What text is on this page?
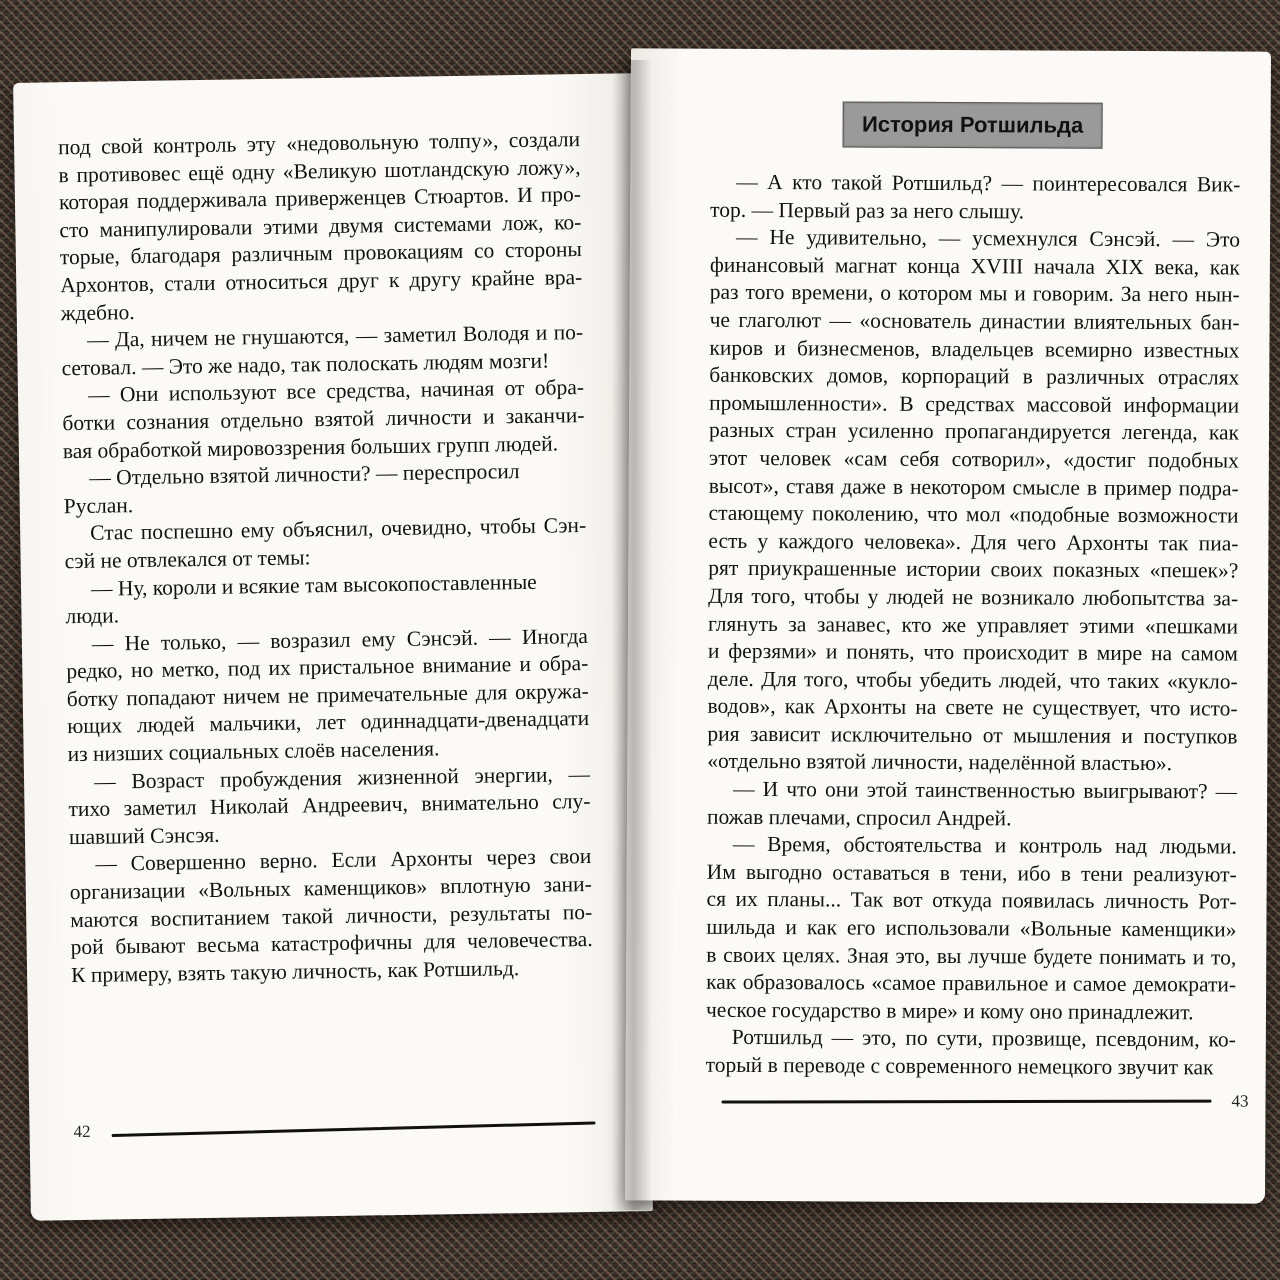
под свой контроль эту «недовольную толпу», создали
в противовес ещё одну «Великую шотландскую ложу»,
которая поддерживала приверженцев Стюартов. И про-
сто манипулировали этими двумя системами лож, ко-
торые, благодаря различным провокациям со стороны
Архонтов, стали относиться друг к другу крайне вра-
ждебно.
— Да, ничем не гнушаются, — заметил Володя и по-
сетовал. — Это же надо, так полоскать людям мозги!
— Они используют все средства, начиная от обра-
ботки сознания отдельно взятой личности и заканчи-
вая обработкой мировоззрения больших групп людей.
— Отдельно взятой личности? — переспросил
Руслан.
Стас поспешно ему объяснил, очевидно, чтобы Сэн-
сэй не отвлекался от темы:
— Ну, короли и всякие там высокопоставленные
люди.
— Не только, — возразил ему Сэнсэй. — Иногда
редко, но метко, под их пристальное внимание и обра-
ботку попадают ничем не примечательные для окружа-
ющих людей мальчики, лет одиннадцати-двенадцати
из низших социальных слоёв населения.
— Возраст пробуждения жизненной энергии, —
тихо заметил Николай Андреевич, внимательно слу-
шавший Сэнсэя.
— Совершенно верно. Если Архонты через свои
организации «Вольных каменщиков» вплотную зани-
маются воспитанием такой личности, результаты по-
рой бывают весьма катастрофичны для человечества.
К примеру, взять такую личность, как Ротшильд.
42
История Ротшильда
— А кто такой Ротшильд? — поинтересовался Вик-
тор. — Первый раз за него слышу.
— Не удивительно, — усмехнулся Сэнсэй. — Это
финансовый магнат конца XVIII начала XIX века, как
раз того времени, о котором мы и говорим. За него нын-
че глаголют — «основатель династии влиятельных бан-
киров и бизнесменов, владельцев всемирно известных
банковских домов, корпораций в различных отраслях
промышленности». В средствах массовой информации
разных стран усиленно пропагандируется легенда, как
этот человек «сам себя сотворил», «достиг подобных
высот», ставя даже в некотором смысле в пример подра-
стающему поколению, что мол «подобные возможности
есть у каждого человека». Для чего Архонты так пиа-
рят приукрашенные истории своих показных «пешек»?
Для того, чтобы у людей не возникало любопытства за-
глянуть за занавес, кто же управляет этими «пешками
и ферзями» и понять, что происходит в мире на самом
деле. Для того, чтобы убедить людей, что таких «кукло-
водов», как Архонты на свете не существует, что исто-
рия зависит исключительно от мышления и поступков
«отдельно взятой личности, наделённой властью».
— И что они этой таинственностью выигрывают? —
пожав плечами, спросил Андрей.
— Время, обстоятельства и контроль над людьми.
Им выгодно оставаться в тени, ибо в тени реализуют-
ся их планы... Так вот откуда появилась личность Рот-
шильда и как его использовали «Вольные каменщики»
в своих целях. Зная это, вы лучше будете понимать и то,
как образовалось «самое правильное и самое демократи-
ческое государство в мире» и кому оно принадлежит.
Ротшильд — это, по сути, прозвище, псевдоним, ко-
торый в переводе с современного немецкого звучит как
43
